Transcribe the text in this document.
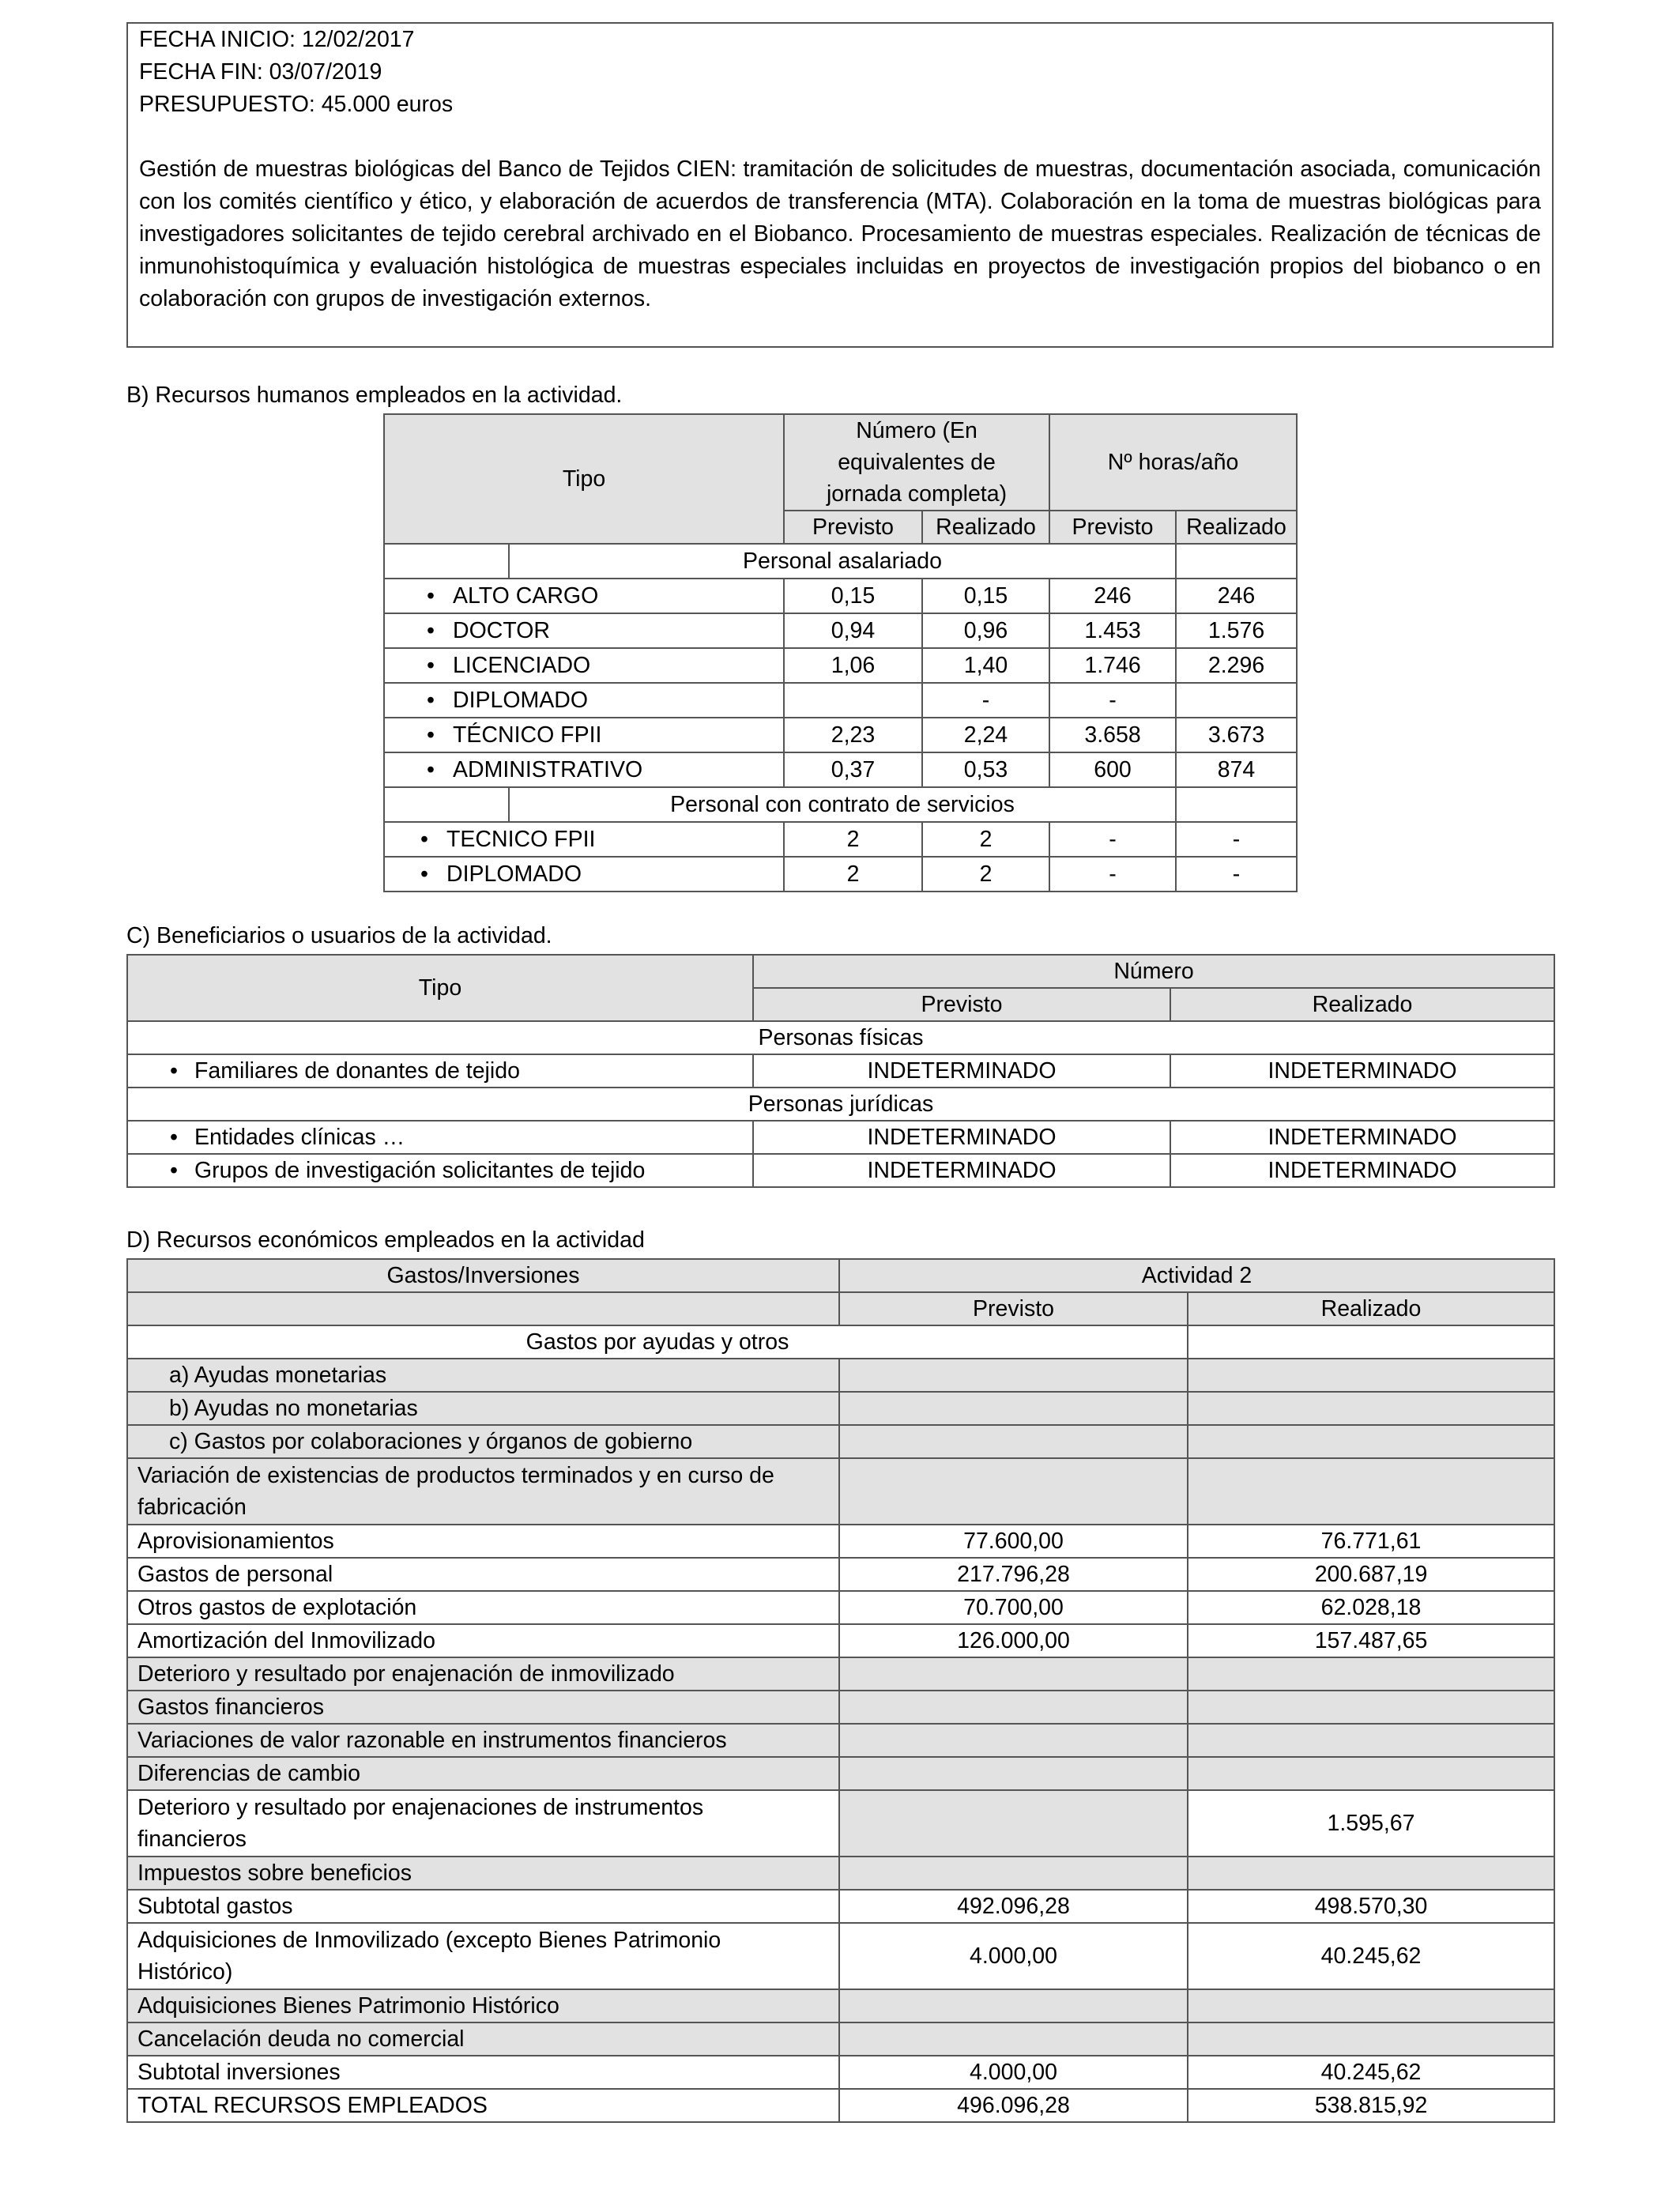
FECHA INICIO: 12/02/2017
FECHA FIN: 03/07/2019
PRESUPUESTO: 45.000 euros
Gestión de muestras biológicas del Banco de Tejidos CIEN: tramitación de solicitudes de muestras, documentación asociada, comunicación con los comités científico y ético, y elaboración de acuerdos de transferencia (MTA). Colaboración en la toma de muestras biológicas para investigadores solicitantes de tejido cerebral archivado en el Biobanco. Procesamiento de muestras especiales. Realización de técnicas de inmunohistoquímica y evaluación histológica de muestras especiales incluidas en proyectos de investigación propios del biobanco o en colaboración con grupos de investigación externos.
B) Recursos humanos empleados en la actividad.
Tipo		Número (En equivalentes de jornada completa)		Nº horas/año	
		Previsto	Realizado	Previsto	Realizado
	Personal asalariado				
• ALTO CARGO		0,15	0,15	246	246
• DOCTOR		0,94	0,96	1.453	1.576
• LICENCIADO		1,06	1,40	1.746	2.296
• DIPLOMADO			-	-	
• TÉCNICO FPII		2,23	2,24	3.658	3.673
• ADMINISTRATIVO		0,37	0,53	600	874
	Personal con contrato de servicios				
• TECNICO FPII		2	2	-	-
• DIPLOMADO		2	2	-	-
C) Beneficiarios o usuarios de la actividad.
Tipo	Número	
	Previsto	Realizado
Personas físicas		
• Familiares de donantes de tejido	INDETERMINADO	INDETERMINADO
Personas jurídicas		
• Entidades clínicas …	INDETERMINADO	INDETERMINADO
• Grupos de investigación solicitantes de tejido	INDETERMINADO	INDETERMINADO
D) Recursos económicos empleados en la actividad
Gastos/Inversiones	Actividad 2	
	Previsto	Realizado
Gastos por ayudas y otros		
a) Ayudas monetarias		
b) Ayudas no monetarias		
c) Gastos por colaboraciones y órganos de gobierno		
Variación de existencias de productos terminados y en curso de fabricación		
Aprovisionamientos	77.600,00	76.771,61
Gastos de personal	217.796,28	200.687,19
Otros gastos de explotación	70.700,00	62.028,18
Amortización del Inmovilizado	126.000,00	157.487,65
Deterioro y resultado por enajenación de inmovilizado		
Gastos financieros		
Variaciones de valor razonable en instrumentos financieros		
Diferencias de cambio		
Deterioro y resultado por enajenaciones de instrumentos financieros		1.595,67
Impuestos sobre beneficios		
Subtotal gastos	492.096,28	498.570,30
Adquisiciones de Inmovilizado (excepto Bienes Patrimonio Histórico)	4.000,00	40.245,62
Adquisiciones Bienes Patrimonio Histórico		
Cancelación deuda no comercial		
Subtotal inversiones	4.000,00	40.245,62
TOTAL RECURSOS EMPLEADOS	496.096,28	538.815,92
